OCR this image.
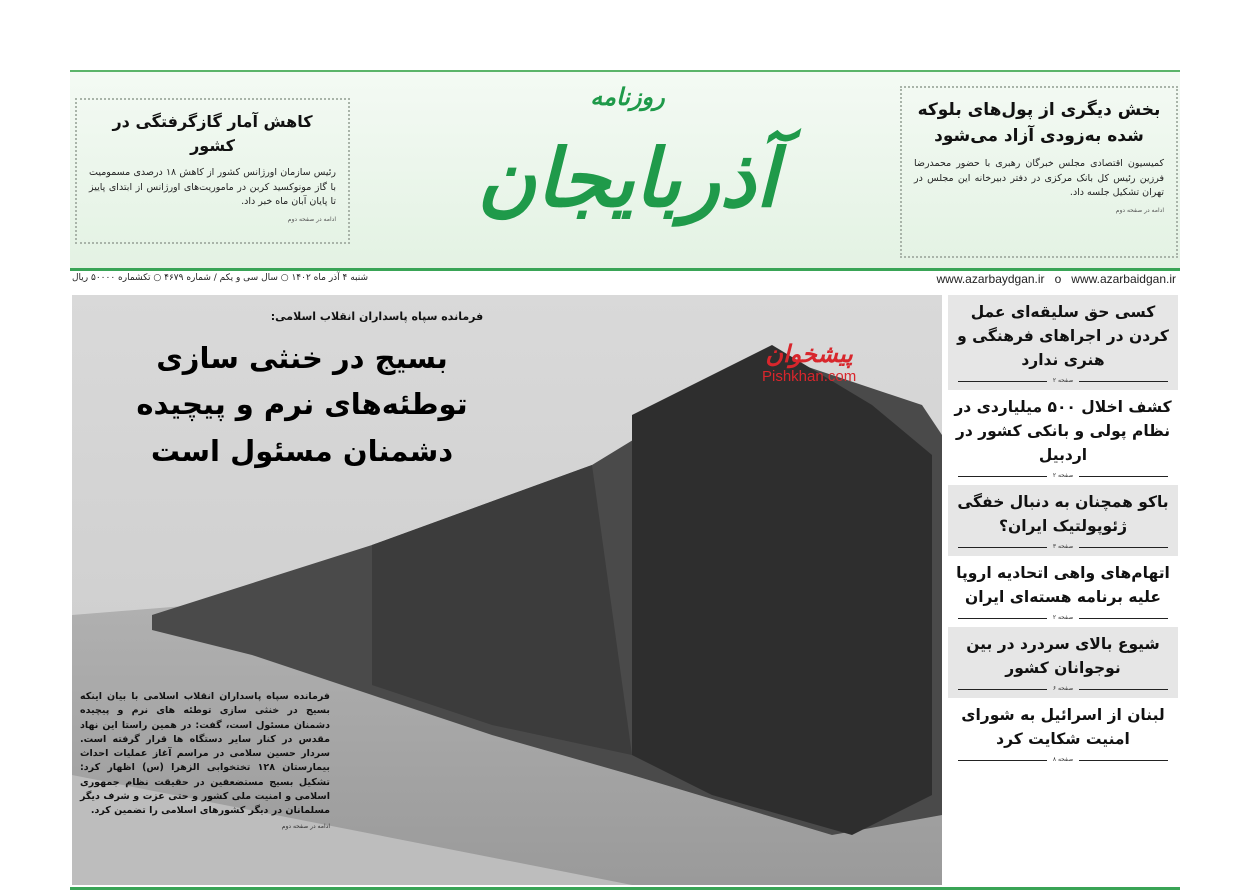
کاهش آمار گازگرفتگی در کشور

رئیس سازمان اورژانس کشور از کاهش ۱۸ درصدی مسمومیت با گاز مونوکسید کربن در ماموریت‌های اورژانس از ابتدای پاییز تا پایان آبان ماه خبر داد.

ادامه در صفحه دوم
روزنامه
آذربایجان
بخش دیگری از پول‌های بلوکه شده به‌زودی آزاد می‌شود

کمیسیون اقتصادی مجلس خبرگان رهبری با حضور محمدرضا فرزین رئیس کل بانک مرکزی در دفتر دبیرخانه این مجلس در تهران تشکیل جلسه داد.

ادامه در صفحه دوم
شنبه ۴ آذر ماه ۱۴۰۲ ○ سال سی و یکم / شماره ۴۶۷۹ ○ تکشماره ۵۰۰۰۰ ریال	www.azarbaydgan.ir o www.azarbaidgan.ir
فرمانده سپاه پاسداران انقلاب اسلامی:
بسیج در خنثی سازی توطئه‌های نرم و پیچیده دشمنان مسئول است

فرمانده سپاه پاسداران انقلاب اسلامی با بیان اینکه بسیج در خنثی سازی توطئه های نرم و پیچیده دشمنان مسئول است، گفت: در همین راستا این نهاد مقدس در کنار سایر دستگاه ها قرار گرفته است. سردار حسین سلامی در مراسم آغاز عملیات احداث بیمارستان ۱۲۸ تختخوابی الزهرا (س) اظهار کرد: تشکیل بسیج مستضعفین در حقیقت نظام جمهوری اسلامی و امنیت ملی کشور و حتی عزت و شرف دیگر مسلمانان در دیگر کشورهای اسلامی را تضمین کرد.

ادامه در صفحه دوم
پیشخوان
Pishkhan.com
کسی حق سلیقه‌ای عمل کردن در اجراهای فرهنگی و هنری ندارد
صفحه ۲
کشف اخلال ۵۰۰ میلیاردی در نظام پولی و بانکی کشور در اردبیل
صفحه ۲
باکو همچنان به دنبال خفگی ژئوپولتیک ایران؟
صفحه ۳
اتهام‌های واهی اتحادیه اروپا علیه برنامه هسته‌ای ایران
صفحه ۲
شیوع بالای سردرد در بین نوجوانان کشور
صفحه ۶
لبنان از اسرائیل به شورای امنیت شکایت کرد
صفحه ۸
